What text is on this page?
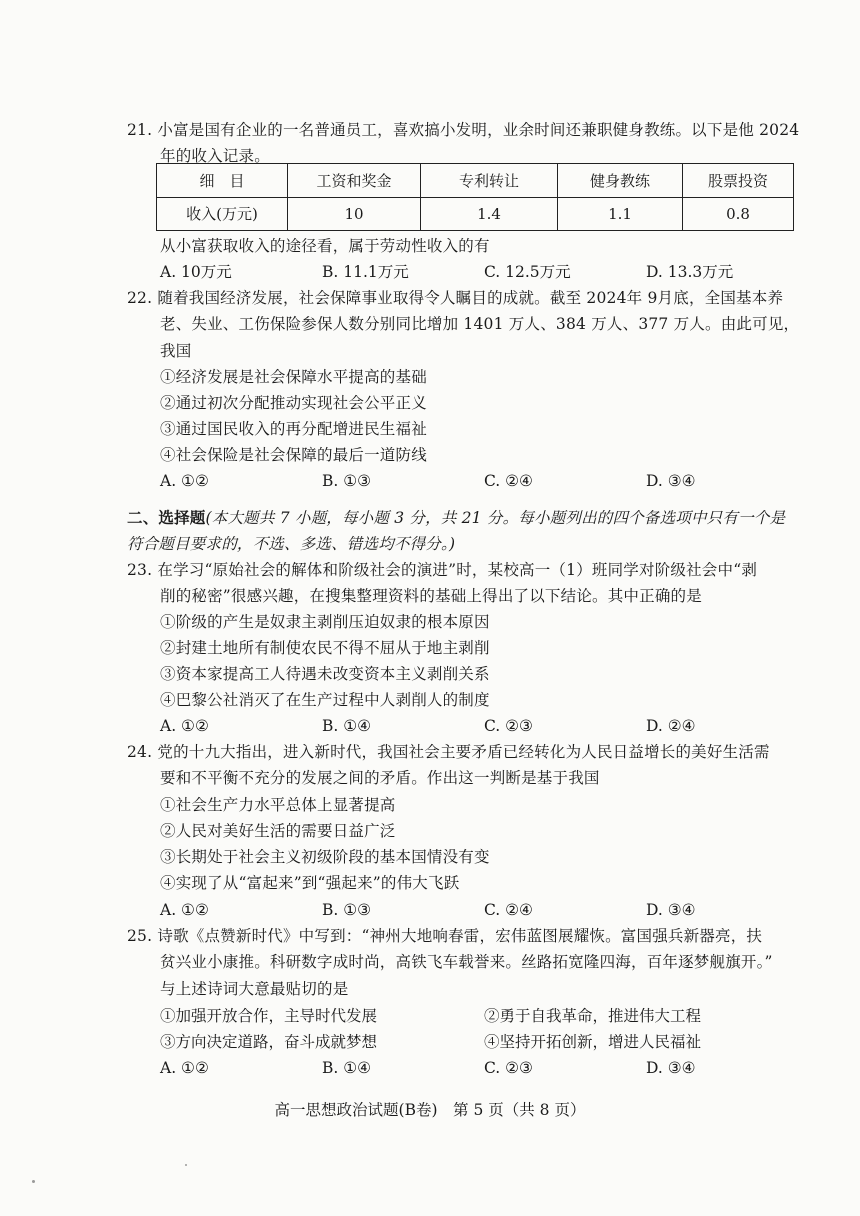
21. 小富是国有企业的一名普通员工，喜欢搞小发明，业余时间还兼职健身教练。以下是他 2024
年的收入记录。
细　目	工资和奖金	专利转让	健身教练	股票投资
收入(万元)	10	1.4	1.1	0.8
从小富获取收入的途径看，属于劳动性收入的有
A. 10万元	B. 11.1万元	C. 12.5万元	D. 13.3万元
22. 随着我国经济发展，社会保障事业取得令人瞩目的成就。截至 2024年 9月底，全国基本养
老、失业、工伤保险参保人数分别同比增加 1401 万人、384 万人、377 万人。由此可见，
我国
①经济发展是社会保障水平提高的基础
②通过初次分配推动实现社会公平正义
③通过国民收入的再分配增进民生福祉
④社会保险是社会保障的最后一道防线
A. ①②	B. ①③	C. ②④	D. ③④
二、选择题(本大题共 7 小题，每小题 3 分，共 21 分。每小题列出的四个备选项中只有一个是
符合题目要求的，不选、多选、错选均不得分。)
23. 在学习“原始社会的解体和阶级社会的演进”时，某校高一（1）班同学对阶级社会中“剥
削的秘密”很感兴趣，在搜集整理资料的基础上得出了以下结论。其中正确的是
①阶级的产生是奴隶主剥削压迫奴隶的根本原因
②封建土地所有制使农民不得不屈从于地主剥削
③资本家提高工人待遇未改变资本主义剥削关系
④巴黎公社消灭了在生产过程中人剥削人的制度
A. ①②	B. ①④	C. ②③	D. ②④
24. 党的十九大指出，进入新时代，我国社会主要矛盾已经转化为人民日益增长的美好生活需
要和不平衡不充分的发展之间的矛盾。作出这一判断是基于我国
①社会生产力水平总体上显著提高
②人民对美好生活的需要日益广泛
③长期处于社会主义初级阶段的基本国情没有变
④实现了从“富起来”到“强起来”的伟大飞跃
A. ①②	B. ①③	C. ②④	D. ③④
25. 诗歌《点赞新时代》中写到：“神州大地响春雷，宏伟蓝图展耀恢。富国强兵新器亮，扶
贫兴业小康推。科研数字成时尚，高铁飞车载誉来。丝路拓宽隆四海，百年逐梦舰旗开。”
与上述诗词大意最贴切的是
①加强开放合作，主导时代发展	②勇于自我革命，推进伟大工程
③方向决定道路，奋斗成就梦想	④坚持开拓创新，增进人民福祉
A. ①②	B. ①④	C. ②③	D. ③④
高一思想政治试题(B卷)　第 5 页（共 8 页）
